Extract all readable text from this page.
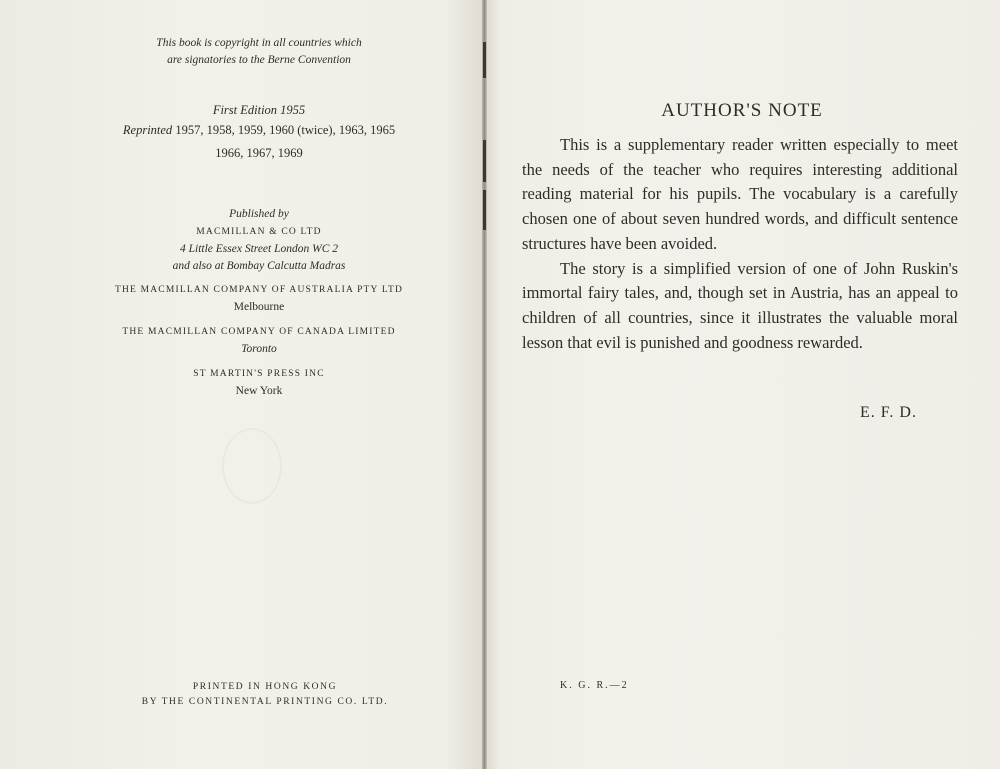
This book is copyright in all countries which
are signatories to the Berne Convention
First Edition 1955
Reprinted 1957, 1958, 1959, 1960 (twice), 1963, 1965
1966, 1967, 1969
Published by
MACMILLAN & CO LTD
4 Little Essex Street London WC 2
and also at Bombay Calcutta Madras
THE MACMILLAN COMPANY OF AUSTRALIA PTY LTD
Melbourne
THE MACMILLAN COMPANY OF CANADA LIMITED
Toronto
ST MARTIN'S PRESS INC
New York
PRINTED IN HONG KONG
BY THE CONTINENTAL PRINTING CO. LTD.
AUTHOR'S NOTE

This is a supplementary reader written especially to meet the needs of the teacher who requires interesting additional reading material for his pupils. The vocabulary is a carefully chosen one of about seven hundred words, and difficult sentence structures have been avoided.

The story is a simplified version of one of John Ruskin's immortal fairy tales, and, though set in Austria, has an appeal to children of all countries, since it illustrates the valuable moral lesson that evil is punished and goodness rewarded.

E. F. D.
K. G. R.—2
